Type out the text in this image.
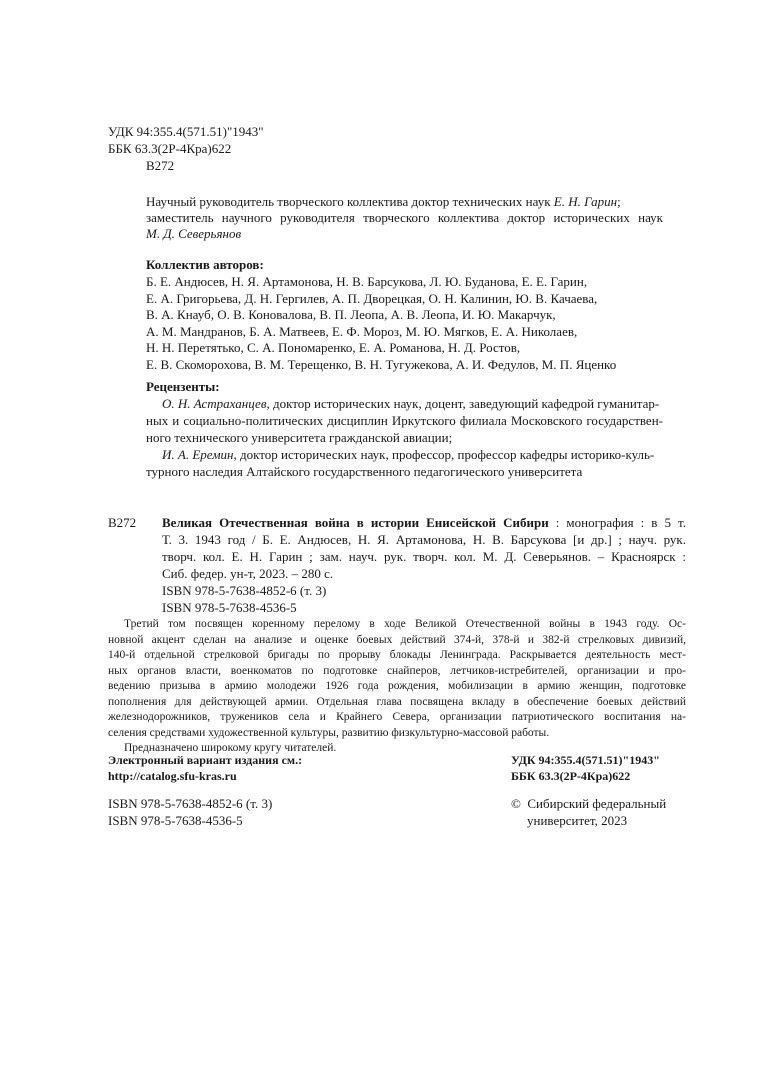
УДК 94:355.4(571.51)"1943"
ББК 63.3(2Р-4Кра)622
В272
Научный руководитель творческого коллектива доктор технических наук Е. Н. Гарин;
заместитель научного руководителя творческого коллектива доктор исторических наук
М. Д. Северьянов
Коллектив авторов:
Б. Е. Андюсев, Н. Я. Артамонова, Н. В. Барсукова, Л. Ю. Буданова, Е. Е. Гарин,
Е. А. Григорьева, Д. Н. Гергилев, А. П. Дворецкая, О. Н. Калинин, Ю. В. Качаева,
В. А. Кнауб, О. В. Коновалова, В. П. Леопа, А. В. Леопа, И. Ю. Макарчук,
А. М. Мандранов, Б. А. Матвеев, Е. Ф. Мороз, М. Ю. Мягков, Е. А. Николаев,
Н. Н. Перетятько, С. А. Пономаренко, Е. А. Романова, Н. Д. Ростов,
Е. В. Скоморохова, В. М. Терещенко, В. Н. Тугужекова, А. И. Федулов, М. П. Яценко
Рецензенты:
О. Н. Астраханцев, доктор исторических наук, доцент, заведующий кафедрой гуманитар-
ных и социально-политических дисциплин Иркутского филиала Московского государствен-
ного технического университета гражданской авиации;
И. А. Еремин, доктор исторических наук, профессор, профессор кафедры историко-куль-
турного наследия Алтайского государственного педагогического университета
В272 Великая Отечественная война в истории Енисейской Сибири : монография : в 5 т.
Т. 3. 1943 год / Б. Е. Андюсев, Н. Я. Артамонова, Н. В. Барсукова [и др.] ; науч. рук.
творч. кол. Е. Н. Гарин ; зам. науч. рук. творч. кол. М. Д. Северьянов. – Красноярск :
Сиб. федер. ун-т, 2023. – 280 с.
ISBN 978-5-7638-4852-6 (т. 3)
ISBN 978-5-7638-4536-5
Третий том посвящен коренному перелому в ходе Великой Отечественной войны в 1943 году. Ос-
новной акцент сделан на анализе и оценке боевых действий 374-й, 378-й и 382-й стрелковых дивизий,
140-й отдельной стрелковой бригады по прорыву блокады Ленинграда. Раскрывается деятельность мест-
ных органов власти, военкоматов по подготовке снайперов, летчиков-истребителей, организации и про-
ведению призыва в армию молодежи 1926 года рождения, мобилизации в армию женщин, подготовке
пополнения для действующей армии. Отдельная глава посвящена вкладу в обеспечение боевых действий
железнодорожников, тружеников села и Крайнего Севера, организации патриотического воспитания на-
селения средствами художественной культуры, развитию физкультурно-массовой работы.
Предназначено широкому кругу читателей.
Электронный вариант издания см.:
http://catalog.sfu-kras.ru
УДК 94:355.4(571.51)"1943"
ББК 63.3(2Р-4Кра)622
ISBN 978-5-7638-4852-6 (т. 3)
ISBN 978-5-7638-4536-5
© Сибирский федеральный
университет, 2023
